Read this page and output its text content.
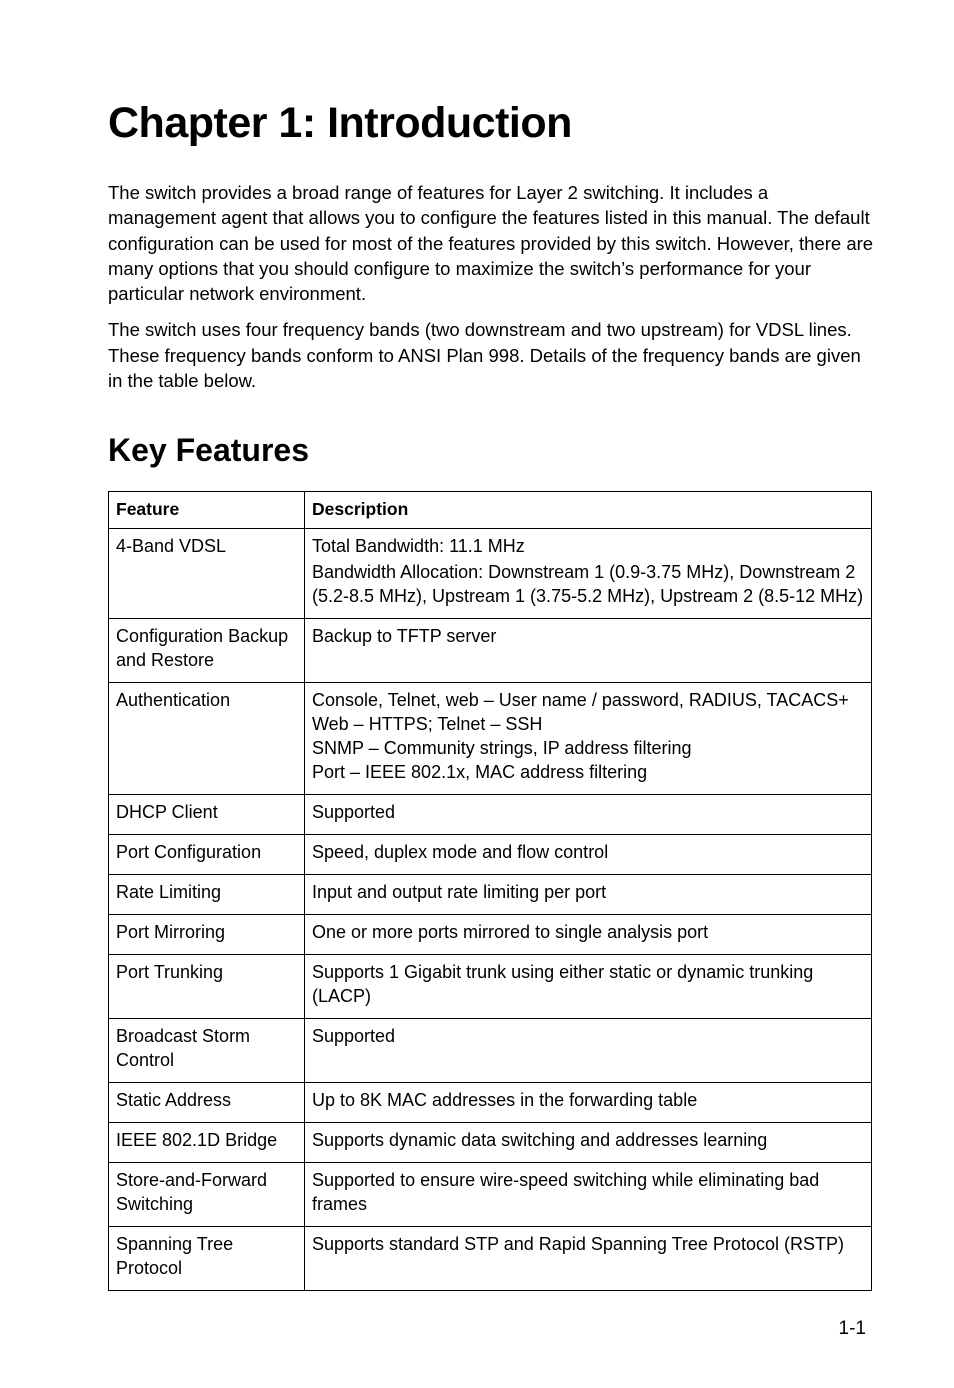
Chapter 1: Introduction

The switch provides a broad range of features for Layer 2 switching. It includes a management agent that allows you to configure the features listed in this manual. The default configuration can be used for most of the features provided by this switch. However, there are many options that you should configure to maximize the switch’s performance for your particular network environment.

The switch uses four frequency bands (two downstream and two upstream) for VDSL lines. These frequency bands conform to ANSI Plan 998. Details of the frequency bands are given in the table below.

Key Features
Feature	Description
4-Band VDSL	Total Bandwidth: 11.1 MHz
Bandwidth Allocation: Downstream 1 (0.9-3.75 MHz), Downstream 2 (5.2-8.5 MHz), Upstream 1 (3.75-5.2 MHz), Upstream 2 (8.5-12 MHz)

Configuration Backup and Restore	Backup to TFTP server

Authentication	Console, Telnet, web – User name / password, RADIUS, TACACS+
Web – HTTPS; Telnet – SSH
SNMP – Community strings, IP address filtering
Port – IEEE 802.1x, MAC address filtering

DHCP Client	Supported

Port Configuration	Speed, duplex mode and flow control

Rate Limiting	Input and output rate limiting per port

Port Mirroring	One or more ports mirrored to single analysis port

Port Trunking	Supports 1 Gigabit trunk using either static or dynamic trunking (LACP)

Broadcast Storm Control	Supported

Static Address	Up to 8K MAC addresses in the forwarding table

IEEE 802.1D Bridge	Supports dynamic data switching and addresses learning

Store-and-Forward Switching	Supported to ensure wire-speed switching while eliminating bad frames

Spanning Tree Protocol	Supports standard STP and Rapid Spanning Tree Protocol (RSTP)
1-1
